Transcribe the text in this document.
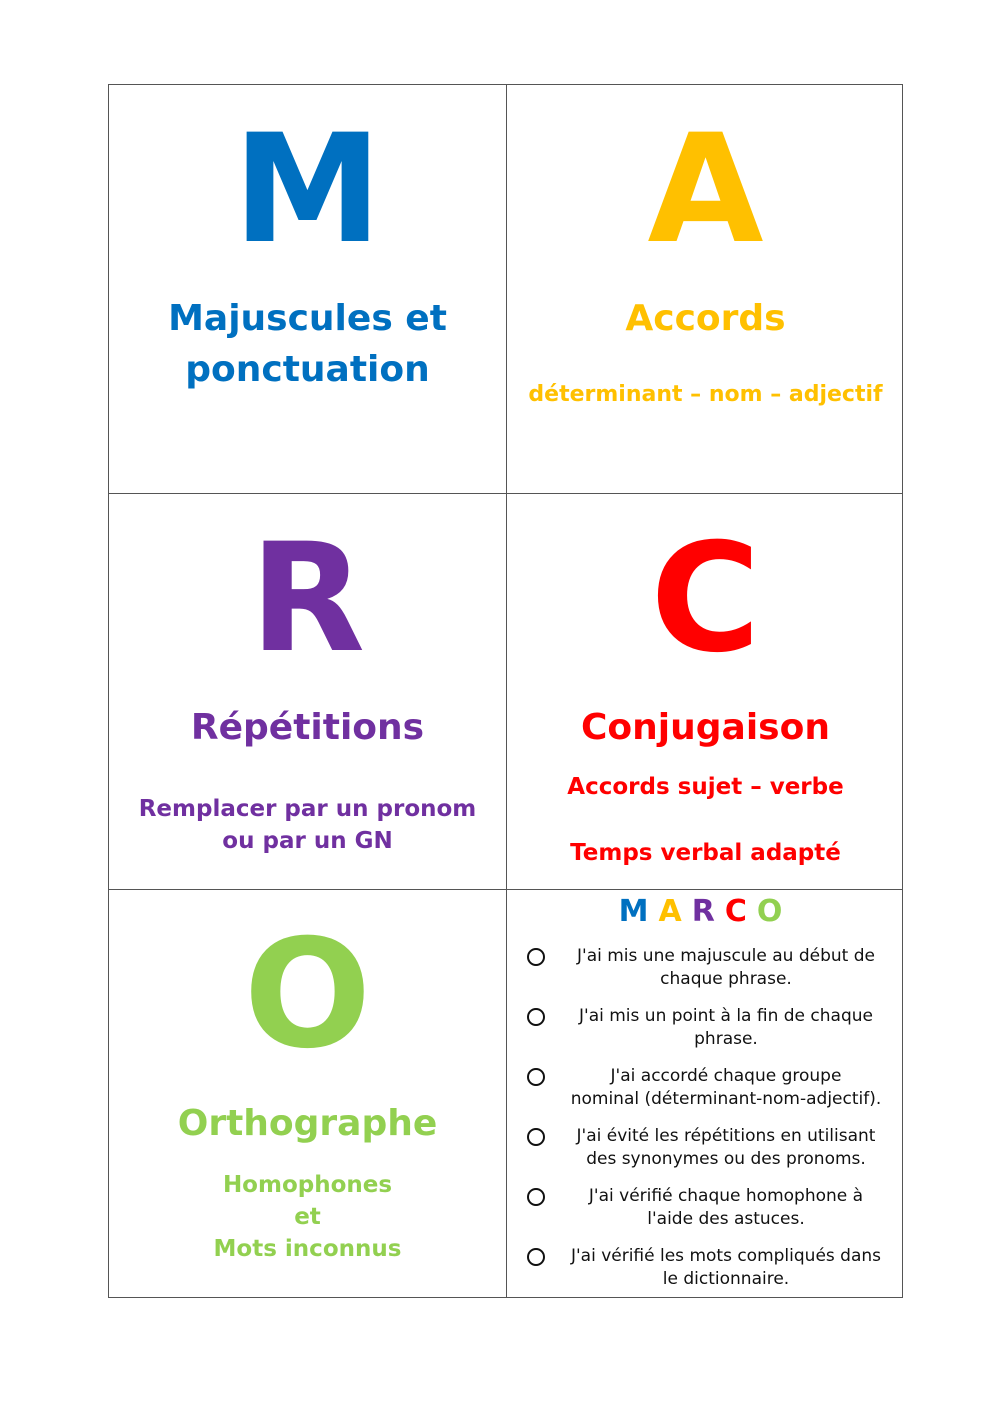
M
Majuscules et
ponctuation
A
Accords
déterminant – nom – adjectif
R
Répétitions
Remplacer par un pronom
ou par un GN
C
Conjugaison
Accords sujet – verbe
Temps verbal adapté
O
Orthographe
Homophones
et
Mots inconnus
MARCO
J'ai mis une majuscule au début de
chaque phrase.
J'ai mis un point à la fin de chaque
phrase.
J'ai accordé chaque groupe
nominal (déterminant-nom-adjectif).
J'ai évité les répétitions en utilisant
des synonymes ou des pronoms.
J'ai vérifié chaque homophone à
l'aide des astuces.
J'ai vérifié les mots compliqués dans
le dictionnaire.
